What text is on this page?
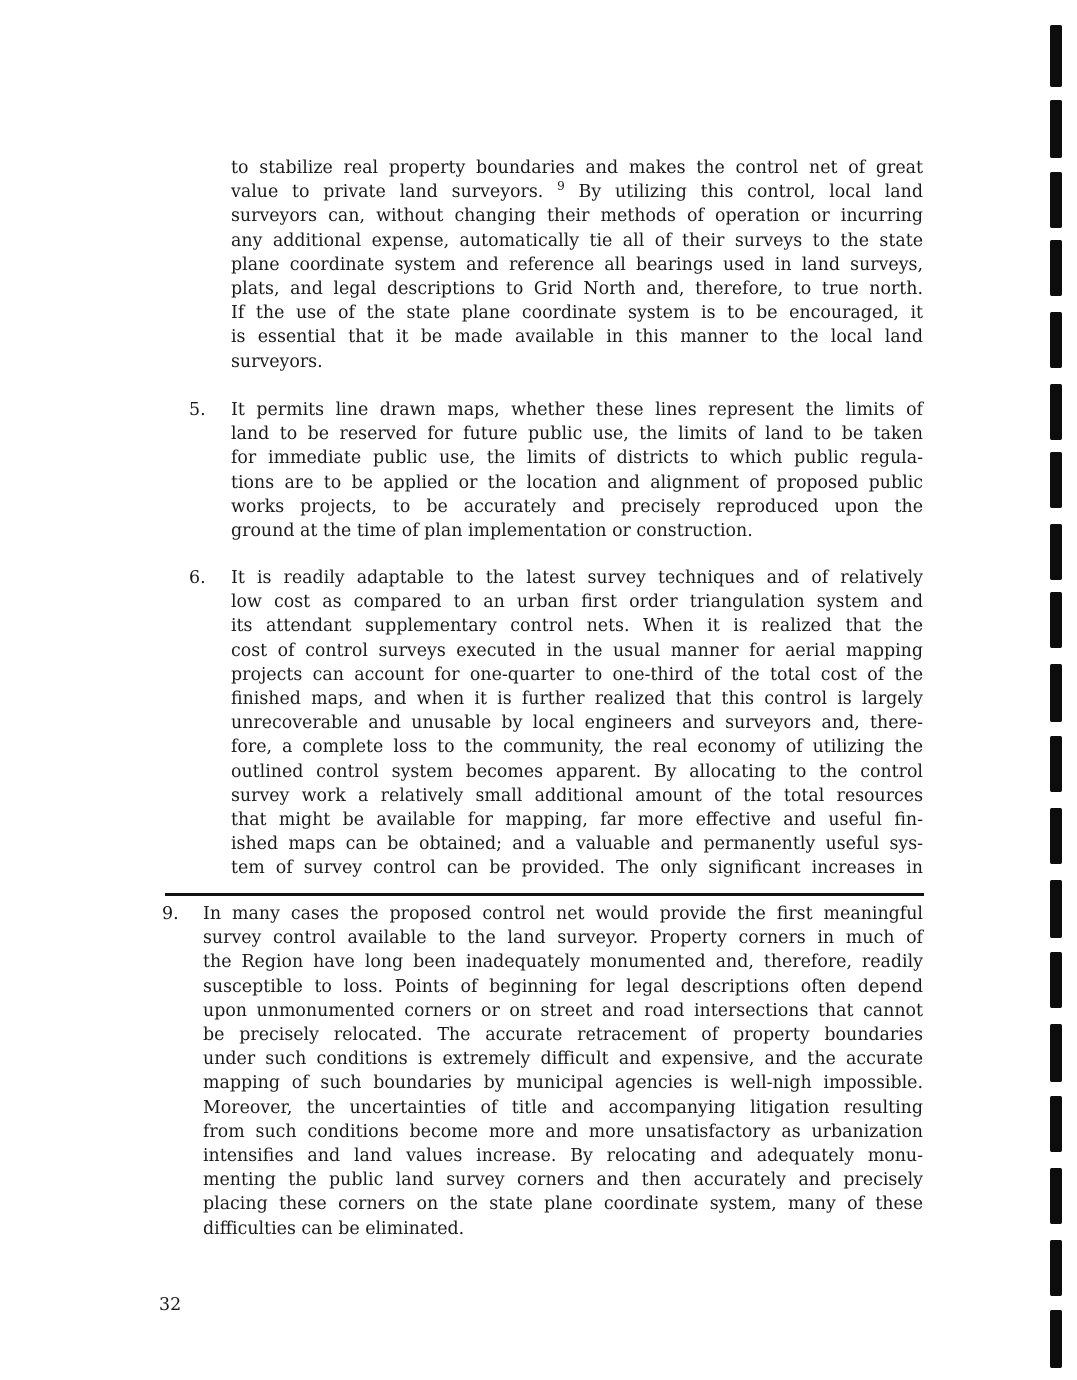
to stabilize real property boundaries and makes the control net of great

value to private land surveyors. $^9$ By utilizing this control, local land

surveyors can, without changing their methods of operation or incurring

any additional expense, automatically tie all of their surveys to the state

plane coordinate system and reference all bearings used in land surveys,

plats, and legal descriptions to Grid North and, therefore, to true north.

If the use of the state plane coordinate system is to be encouraged, it

is essential that it be made available in this manner to the local land

surveyors.

5. It permits line drawn maps, whether these lines represent the limits of

land to be reserved for future public use, the limits of land to be taken

for immediate public use, the limits of districts to which public regula-

tions are to be applied or the location and alignment of proposed public

works projects, to be accurately and precisely reproduced upon the

ground at the time of plan implementation or construction.

6. It is readily adaptable to the latest survey techniques and of relatively

low cost as compared to an urban first order triangulation system and

its attendant supplementary control nets. When it is realized that the

cost of control surveys executed in the usual manner for aerial mapping

projects can account for one-quarter to one-third of the total cost of the

finished maps, and when it is further realized that this control is largely

unrecoverable and unusable by local engineers and surveyors and, there-

fore, a complete loss to the community, the real economy of utilizing the

outlined control system becomes apparent. By allocating to the control

survey work a relatively small additional amount of the total resources

that might be available for mapping, far more effective and useful fin-

ished maps can be obtained; and a valuable and permanently useful sys-

tem of survey control can be provided. The only significant increases in

9. In many cases the proposed control net would provide the first meaningful

survey control available to the land surveyor. Property corners in much of

the Region have long been inadequately monumented and, therefore, readily

susceptible to loss. Points of beginning for legal descriptions often depend

upon unmonumented corners or on street and road intersections that cannot

be precisely relocated. The accurate retracement of property boundaries

under such conditions is extremely difficult and expensive, and the accurate

mapping of such boundaries by municipal agencies is well-nigh impossible.

Moreover, the uncertainties of title and accompanying litigation resulting

from such conditions become more and more unsatisfactory as urbanization

intensifies and land values increase. By relocating and adequately monu-

menting the public land survey corners and then accurately and precisely

placing these corners on the state plane coordinate system, many of these

difficulties can be eliminated.

32
